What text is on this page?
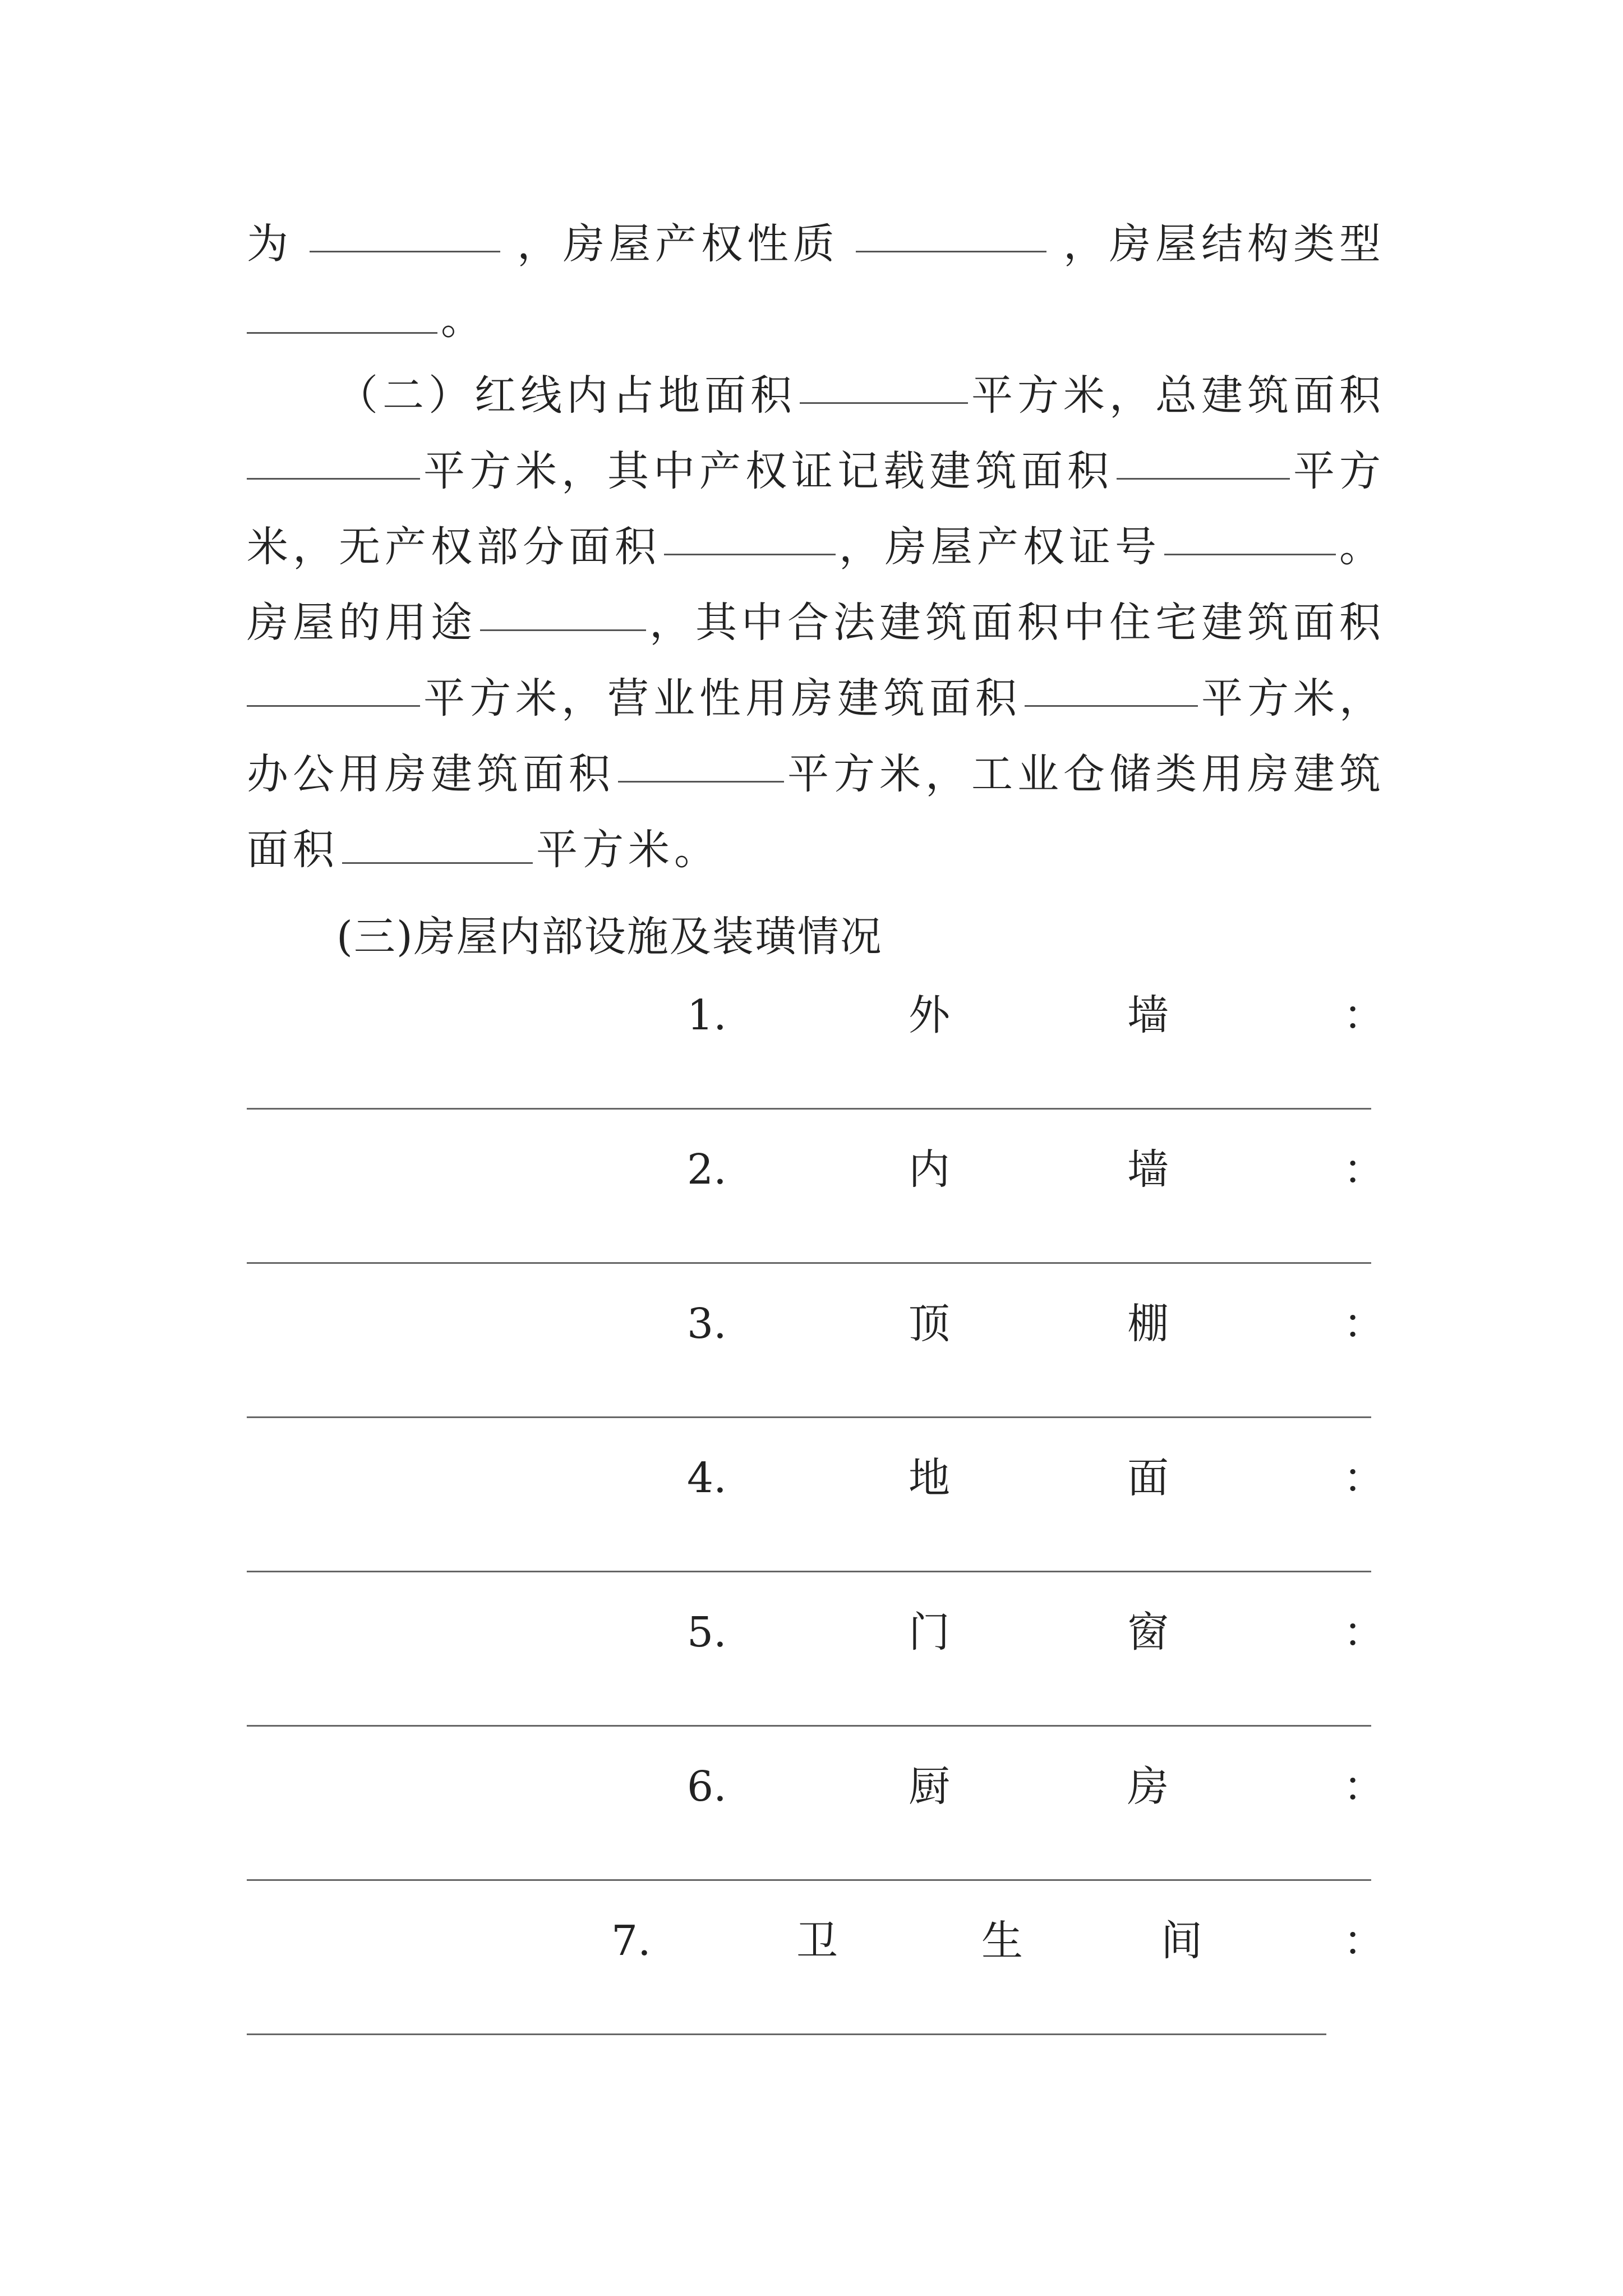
为	，房屋产权性质	，房屋结构类型
。
（二）红线内占地面积	平方米，总建筑面积
平方米，其中产权证记载建筑面积	平方
米，无产权部分面积	，房屋产权证号	。
房屋的用途	，其中合法建筑面积中住宅建筑面积
平方米，营业性用房建筑面积	平方米，
办公用房建筑面积	平方米，工业仓储类用房建筑
面积	平方米。
(三)房屋内部设施及装璜情况
1.	外	墙	：
2.	内	墙	：
3.	顶	棚	：
4.	地	面	：
5.	门	窗	：
6.	厨	房	：
7.	卫	生	间	：
